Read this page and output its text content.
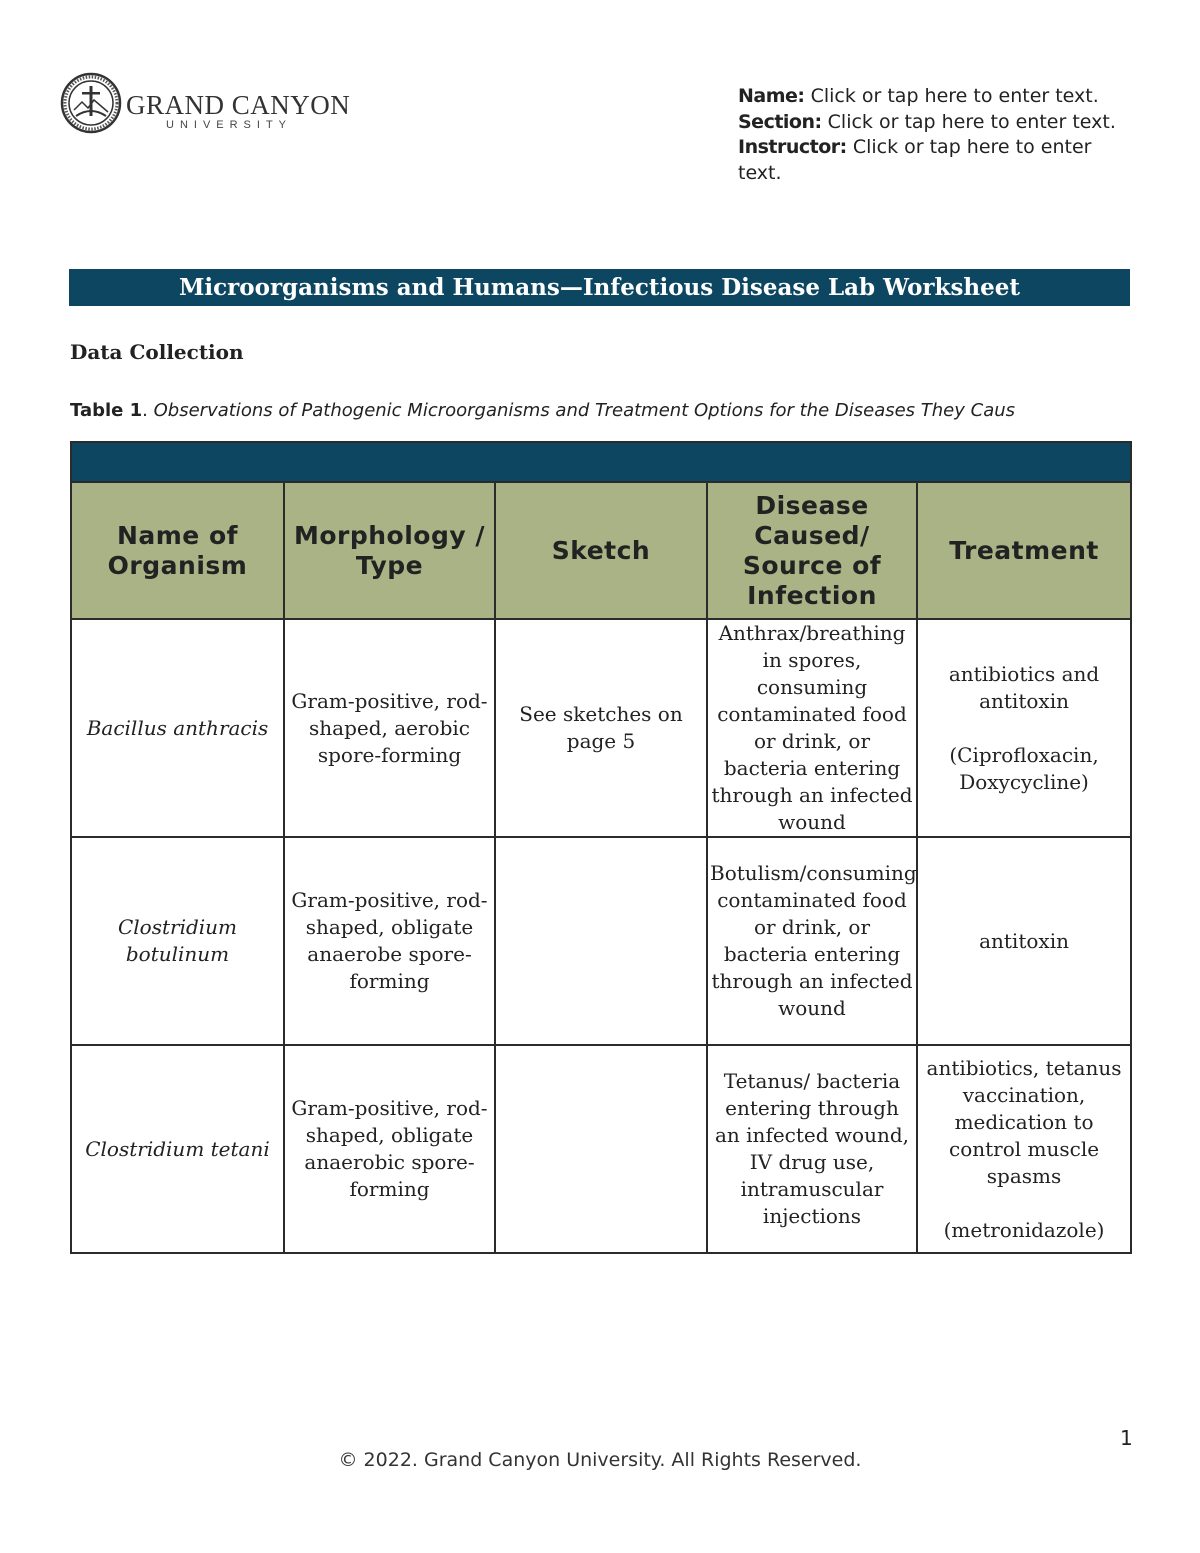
GRAND CANYON
UNIVERSITY
Name: Click or tap here to enter text.
Section: Click or tap here to enter text.
Instructor: Click or tap here to enter text.
Microorganisms and Humans—Infectious Disease Lab Worksheet
Data Collection
Table 1. Observations of Pathogenic Microorganisms and Treatment Options for the Diseases They Caus

Name of Organism	Morphology / Type	Sketch	Disease Caused/ Source of Infection	Treatment
Bacillus anthracis	Gram-positive, rod-shaped, aerobic spore-forming	See sketches on page 5	Anthrax/breathing in spores, consuming contaminated food or drink, or bacteria entering through an infected wound	antibiotics and antitoxin
(Ciprofloxacin, Doxycycline)

Clostridium botulinum	Gram-positive, rod-shaped, obligate anaerobe spore-forming		Botulism/consuming contaminated food or drink, or bacteria entering through an infected wound	antitoxin

Clostridium tetani	Gram-positive, rod-shaped, obligate anaerobic spore-forming		Tetanus/ bacteria entering through an infected wound, IV drug use, intramuscular injections	antibiotics, tetanus vaccination, medication to control muscle spasms
(metronidazole)
1
© 2022. Grand Canyon University. All Rights Reserved.
